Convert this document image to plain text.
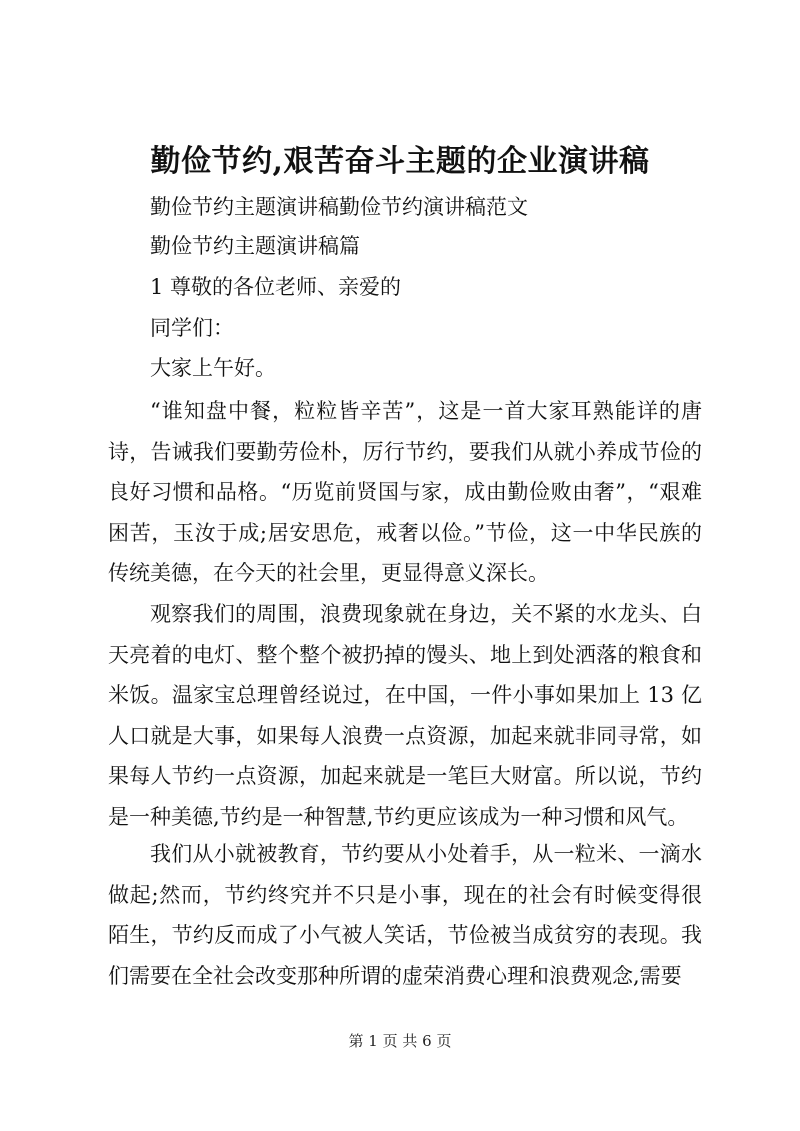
勤俭节约,艰苦奋斗主题的企业演讲稿
勤俭节约主题演讲稿勤俭节约演讲稿范文
勤俭节约主题演讲稿篇
1 尊敬的各位老师、亲爱的
同学们：
大家上午好。

“谁知盘中餐，粒粒皆辛苦”，这是一首大家耳熟能详的唐诗，告诫我们要勤劳俭朴，厉行节约，要我们从就小养成节俭的良好习惯和品格。“历览前贤国与家，成由勤俭败由奢”，“艰难困苦，玉汝于成;居安思危，戒奢以俭。”节俭，这一中华民族的传统美德，在今天的社会里，更显得意义深长。

观察我们的周围，浪费现象就在身边，关不紧的水龙头、白天亮着的电灯、整个整个被扔掉的馒头、地上到处洒落的粮食和米饭。温家宝总理曾经说过，在中国，一件小事如果加上 13 亿人口就是大事，如果每人浪费一点资源，加起来就非同寻常，如果每人节约一点资源，加起来就是一笔巨大财富。所以说，节约是一种美德,节约是一种智慧,节约更应该成为一种习惯和风气。

我们从小就被教育，节约要从小处着手，从一粒米、一滴水做起;然而，节约终究并不只是小事，现在的社会有时候变得很陌生，节约反而成了小气被人笑话，节俭被当成贫穷的表现。我们需要在全社会改变那种所谓的虚荣消费心理和浪费观念,需要

第 1 页 共 6 页
